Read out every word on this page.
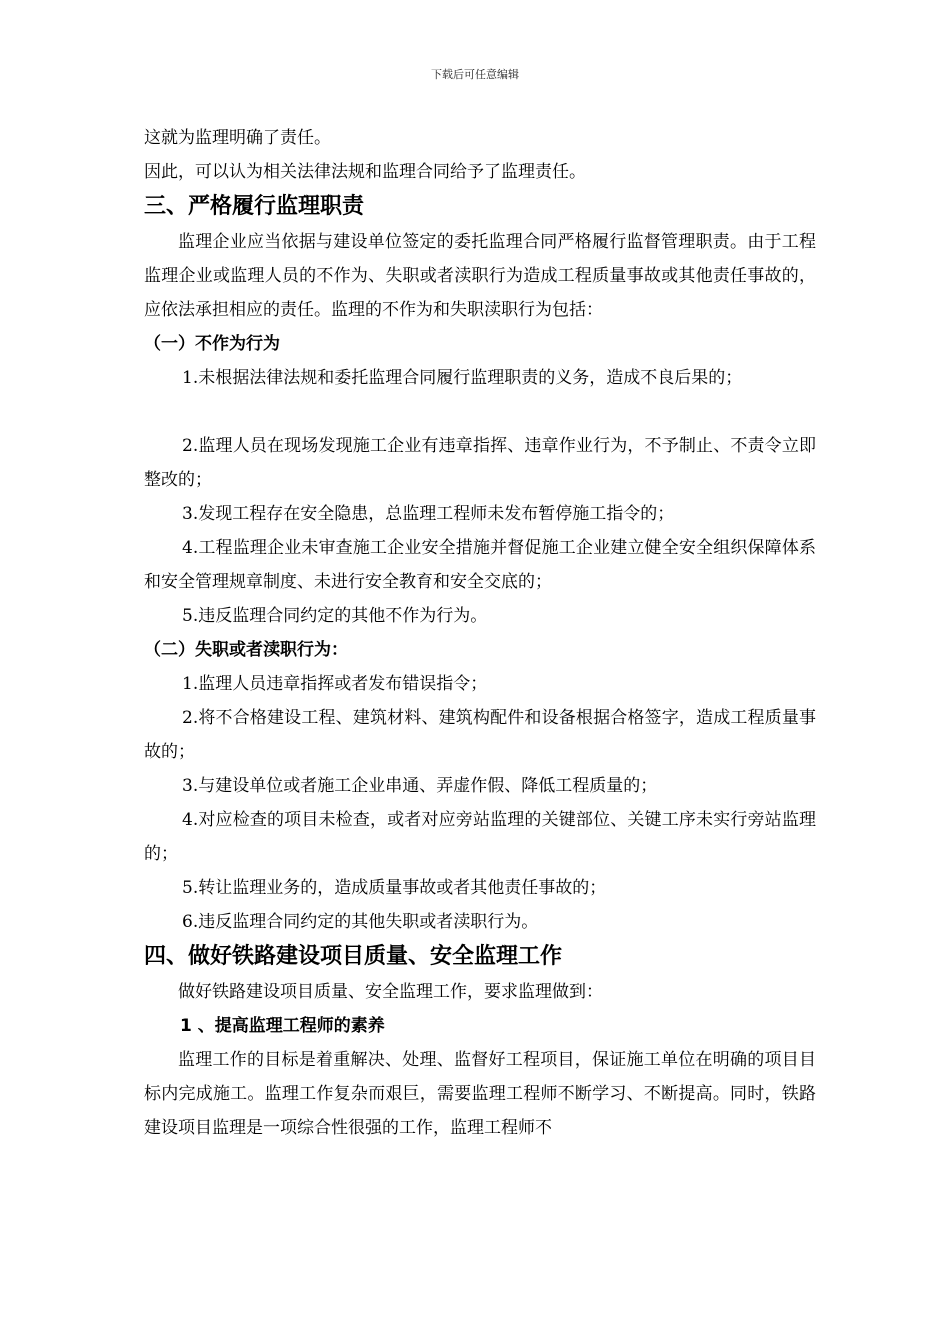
下载后可任意编辑

这就为监理明确了责任。

因此，可以认为相关法律法规和监理合同给予了监理责任。

三、严格履行监理职责

监理企业应当依据与建设单位签定的委托监理合同严格履行监督管理职责。由于工程监理企业或监理人员的不作为、失职或者渎职行为造成工程质量事故或其他责任事故的，应依法承担相应的责任。监理的不作为和失职渎职行为包括：

（一）不作为行为

1.未根据法律法规和委托监理合同履行监理职责的义务，造成不良后果的；

2.监理人员在现场发现施工企业有违章指挥、违章作业行为，不予制止、不责令立即整改的；

3.发现工程存在安全隐患，总监理工程师未发布暂停施工指令的；

4.工程监理企业未审查施工企业安全措施并督促施工企业建立健全安全组织保障体系和安全管理规章制度、未进行安全教育和安全交底的；

5.违反监理合同约定的其他不作为行为。

（二）失职或者渎职行为：

1.监理人员违章指挥或者发布错误指令；

2.将不合格建设工程、建筑材料、建筑构配件和设备根据合格签字，造成工程质量事故的；

3.与建设单位或者施工企业串通、弄虚作假、降低工程质量的；

4.对应检查的项目未检查，或者对应旁站监理的关键部位、关键工序未实行旁站监理的；

5.转让监理业务的，造成质量事故或者其他责任事故的；

6.违反监理合同约定的其他失职或者渎职行为。

四、做好铁路建设项目质量、安全监理工作

做好铁路建设项目质量、安全监理工作，要求监理做到：

1 、提高监理工程师的素养

监理工作的目标是着重解决、处理、监督好工程项目，保证施工单位在明确的项目目标内完成施工。监理工作复杂而艰巨，需要监理工程师不断学习、不断提高。同时，铁路建设项目监理是一项综合性很强的工作，监理工程师不
